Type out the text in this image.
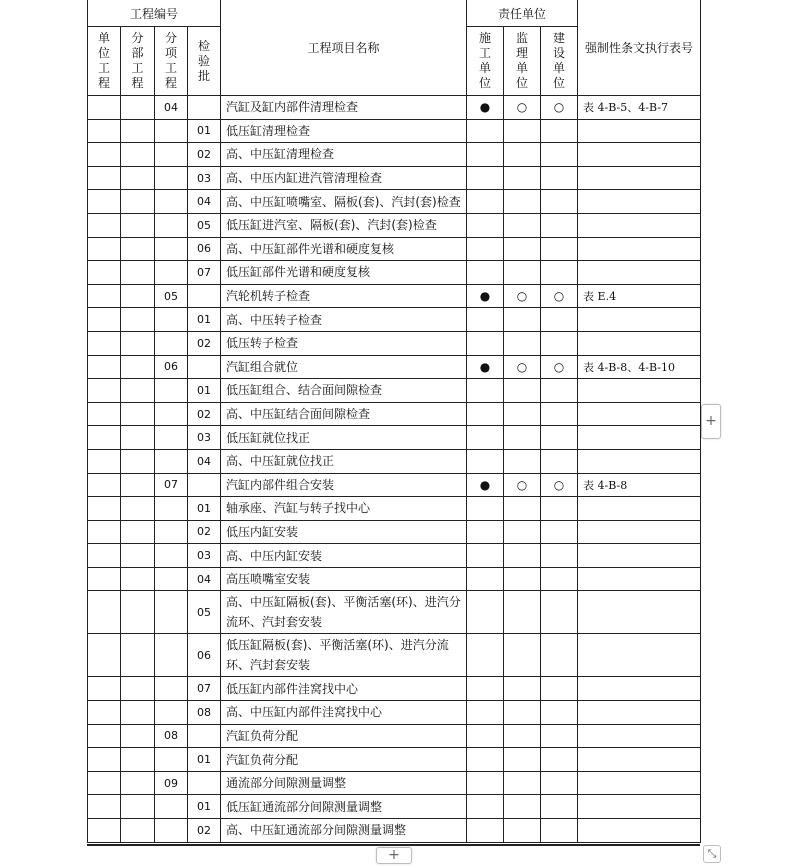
工程编号				工程项目名称	责任单位			强制性条文执行表号

单位工程	分部工程	分项工程	检验批		施工单位	监理单位	建设单位	

		04		汽缸及缸内部件清理检查	●	○	○	表 4-B-5、4-B-7
			01	低压缸清理检查				
			02	高、中压缸清理检查				
			03	高、中压内缸进汽管清理检查				
			04	高、中压缸喷嘴室、隔板(套)、汽封(套)检查				
			05	低压缸进汽室、隔板(套)、汽封(套)检查				
			06	高、中压缸部件光谱和硬度复核				
			07	低压缸部件光谱和硬度复核				
		05		汽轮机转子检查	●	○	○	表 E.4
			01	高、中压转子检查				
			02	低压转子检查				
		06		汽缸组合就位	●	○	○	表 4-B-8、4-B-10
			01	低压缸组合、结合面间隙检查				
			02	高、中压缸结合面间隙检查				
			03	低压缸就位找正				
			04	高、中压缸就位找正				
		07		汽缸内部件组合安装	●	○	○	表 4-B-8
			01	轴承座、汽缸与转子找中心				
			02	低压内缸安装				
			03	高、中压内缸安装				
			04	高压喷嘴室安装				
			05	高、中压缸隔板(套)、平衡活塞(环)、进汽分流环、汽封套安装				
			06	低压缸隔板(套)、平衡活塞(环)、进汽分流环、汽封套安装				
			07	低压缸内部件洼窝找中心				
			08	高、中压缸内部件洼窝找中心				
		08		汽缸负荷分配				
			01	汽缸负荷分配				
		09		通流部分间隙测量调整				
			01	低压缸通流部分间隙测量调整				
			02	高、中压缸通流部分间隙测量调整				
+
+	⤡
